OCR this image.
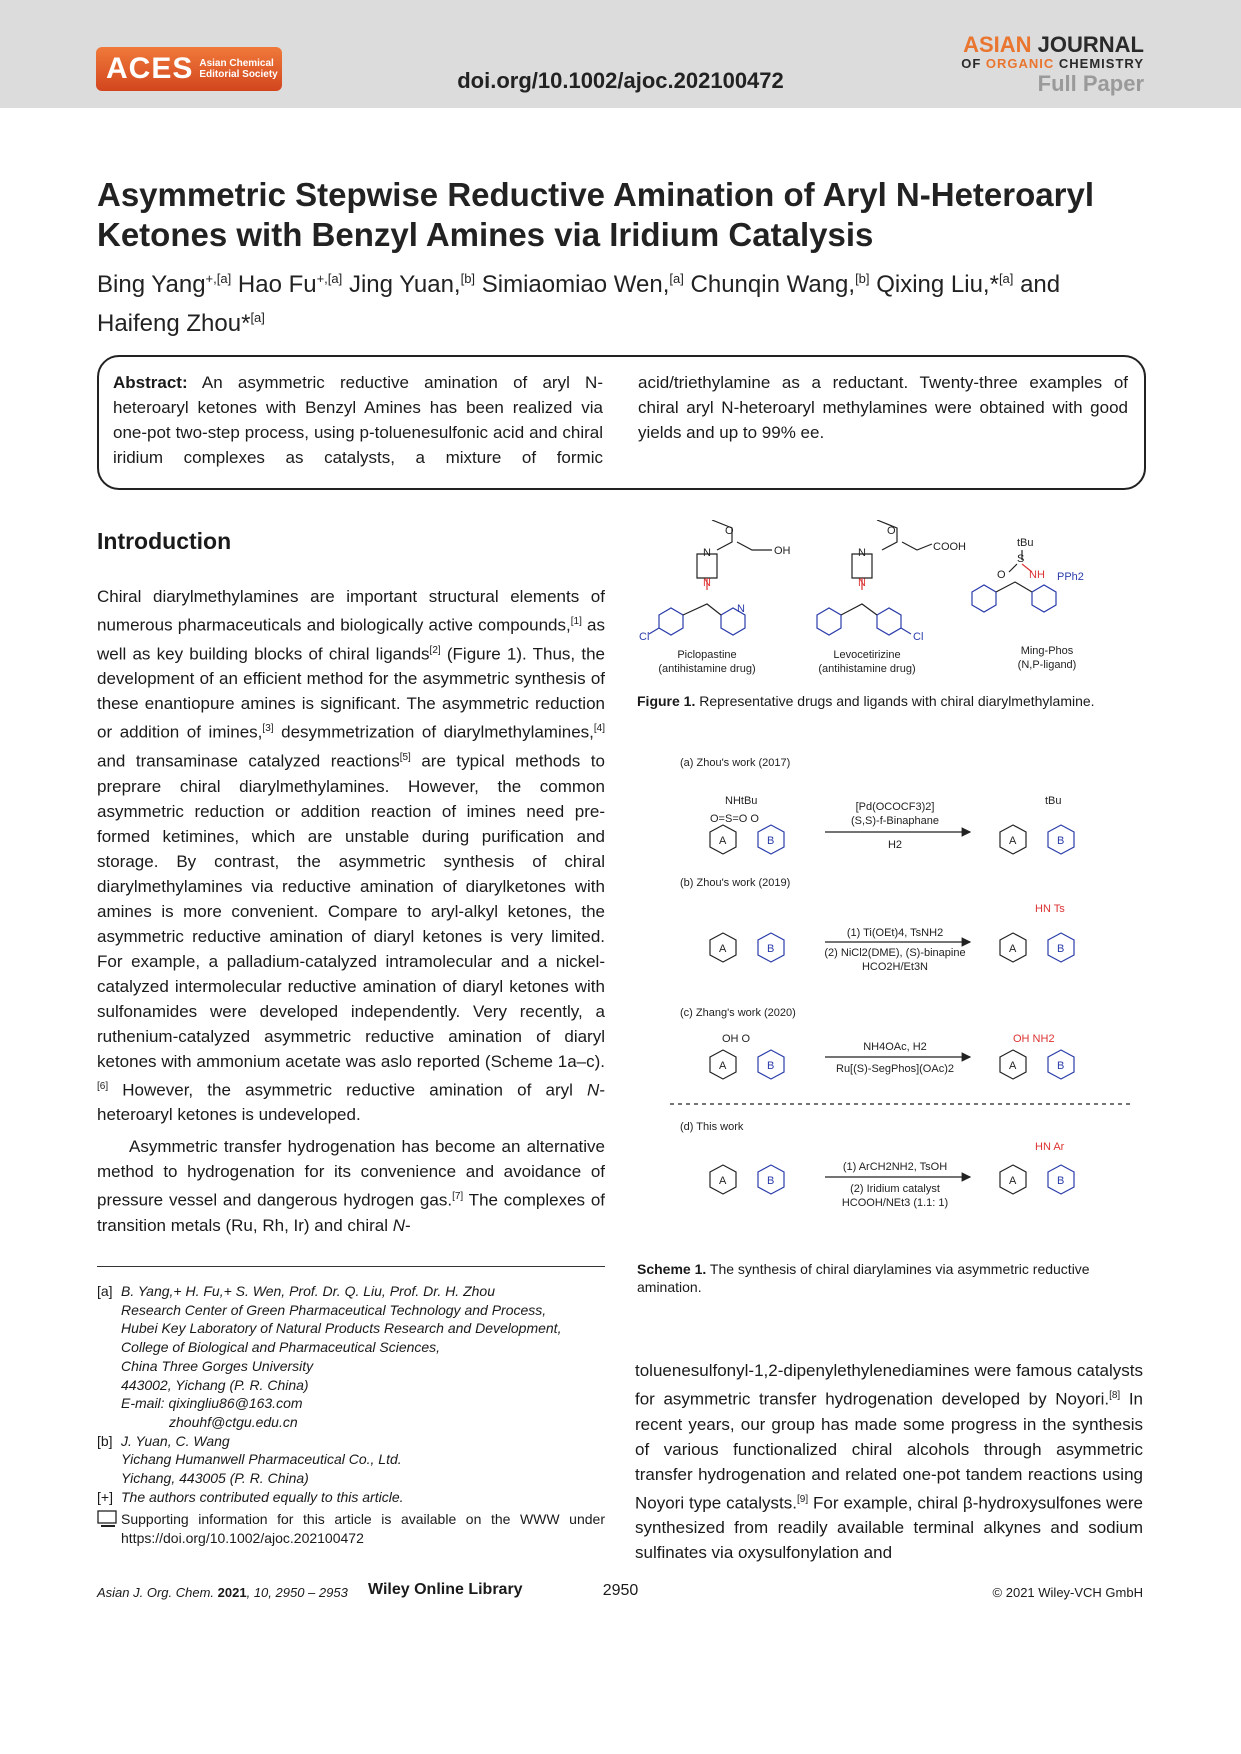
ACES Asian Chemical
Editorial Society	doi.org/10.1002/ajoc.202100472
ASIAN JOURNAL
OF ORGANIC CHEMISTRY
Full Paper
Asymmetric Stepwise Reductive Amination of Aryl N-Heteroaryl Ketones with Benzyl Amines via Iridium Catalysis
Bing Yang$^{+,[a]}$ Hao $Fu^{+,[a]}$ Jing Yuan,[b] Simiaomiao Wen,[a] Chunqin Wang,[b] Qixing Liu,*[a] and
Haifeng Zhou*[a]
Abstract: An asymmetric reductive amination of aryl N-heteroaryl ketones with Benzyl Amines has been realized via one-pot two-step process, using p-toluenesulfonic acid and chiral iridium complexes as catalysts, a mixture of formic acid/triethylamine as a reductant. Twenty-three examples of chiral aryl N-heteroaryl methylamines were obtained with good yields and up to 99% ee.
Introduction
Chiral diarylmethylamines are important structural elements of numerous pharmaceuticals and biologically active compounds,[1] as well as key building blocks of chiral ligands[2] (Figure 1). Thus, the development of an efficient method for the asymmetric synthesis of these enantiopure amines is significant. The asymmetric reduction or addition of imines,[3] desymmetrization of diarylmethylamines,[4] and transaminase catalyzed reactions[5] are typical methods to preprare chiral diarylmethylamines. However, the common asymmetric reduction or addition reaction of imines need pre-formed ketimines, which are unstable during purification and storage. By contrast, the asymmetric synthesis of chiral diarylmethylamines via reductive amination of diarylketones with amines is more convenient. Compare to aryl-alkyl ketones, the asymmetric reductive amination of diaryl ketones is very limited. For example, a palladium-catalyzed intramolecular and a nickel-catalyzed intermolecular reductive amination of diaryl ketones with sulfonamides were developed independently. Very recently, a ruthenium-catalyzed asymmetric reductive amination of diaryl ketones with ammonium acetate was aslo reported (Scheme 1a–c).[6] However, the asymmetric reductive amination of aryl N-heteroaryl ketones is undeveloped.
Asymmetric transfer hydrogenation has become an alternative method to hydrogenation for its convenience and avoidance of pressure vessel and dangerous hydrogen gas.[7] The complexes of transition metals (Ru, Rh, Ir) and chiral N-
O
OH
N
N
N
Cl
Piclopastine
(antihistamine drug)
O
COOH
N
N
Cl
Levocetirizine
(antihistamine drug)
tBu
S
O NH PPh2
Ming-Phos
(N,P-ligand)
Figure 1. Representative drugs and ligands with chiral diarylmethylamine.
(a) Zhou's work (2017)
NHtBu
O=S=O O
A	B
[Pd(OCOCF3)2]
(S,S)-f-Binaphane
H2	A	B
tBu
(b) Zhou's work (2019)
A	B
(1) Ti(OEt)4, TsNH2
(2) NiCl2(DME), (S)-binapine
HCO2H/Et3N
A	B
HN Ts
(c) Zhang's work (2020)
OH O
A	B
NH4OAc, H2
Ru[(S)-SegPhos](OAc)2	A	B
OH NH2
(d) This work
A	B
(1) ArCH2NH2, TsOH
(2) Iridium catalyst
HCOOH/NEt3 (1.1: 1)
A	B
HN Ar
Scheme 1. The synthesis of chiral diarylamines via asymmetric reductive amination.
toluenesulfonyl-1,2-dipenylethylenediamines were famous catalysts for asymmetric transfer hydrogenation developed by Noyori.[8] In recent years, our group has made some progress in the synthesis of various functionalized chiral alcohols through asymmetric transfer hydrogenation and related one-pot tandem reactions using Noyori type catalysts.[9] For example, chiral β-hydroxysulfones were synthesized from readily available terminal alkynes and sodium sulfinates via oxysulfonylation and
[a] B. Yang,+ H. Fu,+ S. Wen, Prof. Dr. Q. Liu, Prof. Dr. H. Zhou
Research Center of Green Pharmaceutical Technology and Process,
Hubei Key Laboratory of Natural Products Research and Development,
College of Biological and Pharmaceutical Sciences,
China Three Gorges University
443002, Yichang (P. R. China)
E-mail: qixingliu86@163.com
zhouhf@ctgu.edu.cn
[b] J. Yuan, C. Wang
Yichang Humanwell Pharmaceutical Co., Ltd.
Yichang, 443005 (P. R. China)
[+] The authors contributed equally to this article.
Supporting information for this article is available on the WWW under https://doi.org/10.1002/ajoc.202100472
Asian J. Org. Chem. 2021, 10, 2950 – 2953 Wiley Online Library	2950	© 2021 Wiley-VCH GmbH
